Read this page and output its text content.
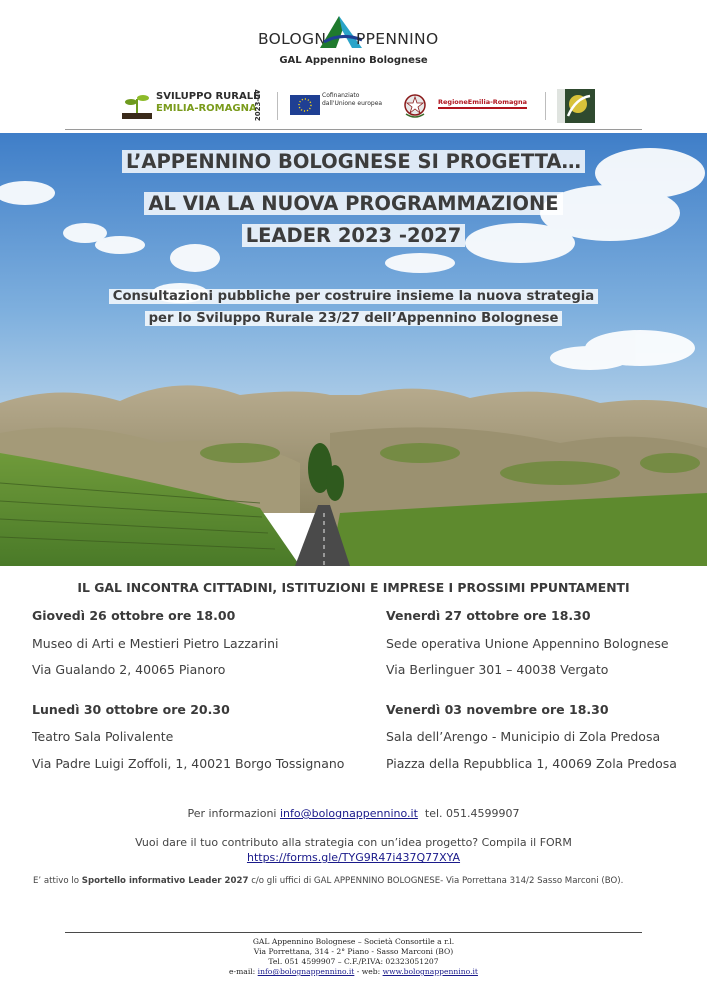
BOLOGN PPENNINO
GAL Appennino Bolognese
SVILUPPO RURALE
EMILIA-ROMAGNA
2023-27	Cofinanziato
dall'Unione europea	RegioneEmilia-Romagna
L’APPENNINO BOLOGNESE SI PROGETTA…
AL VIA LA NUOVA PROGRAMMAZIONE
LEADER 2023 -2027
Consultazioni pubbliche per costruire insieme la nuova strategia
per lo Sviluppo Rurale 23/27 dell’Appennino Bolognese
IL GAL INCONTRA CITTADINI, ISTITUZIONI E IMPRESE I PROSSIMI PPUNTAMENTI
Giovedì 26 ottobre ore 18.00
Museo di Arti e Mestieri Pietro Lazzarini
Via Gualando 2, 40065 Pianoro
Venerdì 27 ottobre ore 18.30
Sede operativa Unione Appennino Bolognese
Via Berlinguer 301 – 40038 Vergato
Lunedì 30 ottobre ore 20.30
Teatro Sala Polivalente
Via Padre Luigi Zoffoli, 1, 40021 Borgo Tossignano
Venerdì 03 novembre ore 18.30
Sala dell’Arengo - Municipio di Zola Predosa
Piazza della Repubblica 1, 40069 Zola Predosa
Per informazioni info@bolognappennino.it tel. 051.4599907
Vuoi dare il tuo contributo alla strategia con un’idea progetto? Compila il FORM
https://forms.gle/TYG9R47i437Q77XYA
E’ attivo lo Sportello informativo Leader 2027 c/o gli uffici di GAL APPENNINO BOLOGNESE- Via Porrettana 314/2 Sasso Marconi (BO).
GAL Appennino Bolognese – Società Consortile a r.l.
Via Porrettana, 314 - 2° Piano - Sasso Marconi (BO)
Tel. 051 4599907 – C.F./P.IVA: 02323051207
e-mail: info@bolognappennino.it - web: www.bolognappennino.it
